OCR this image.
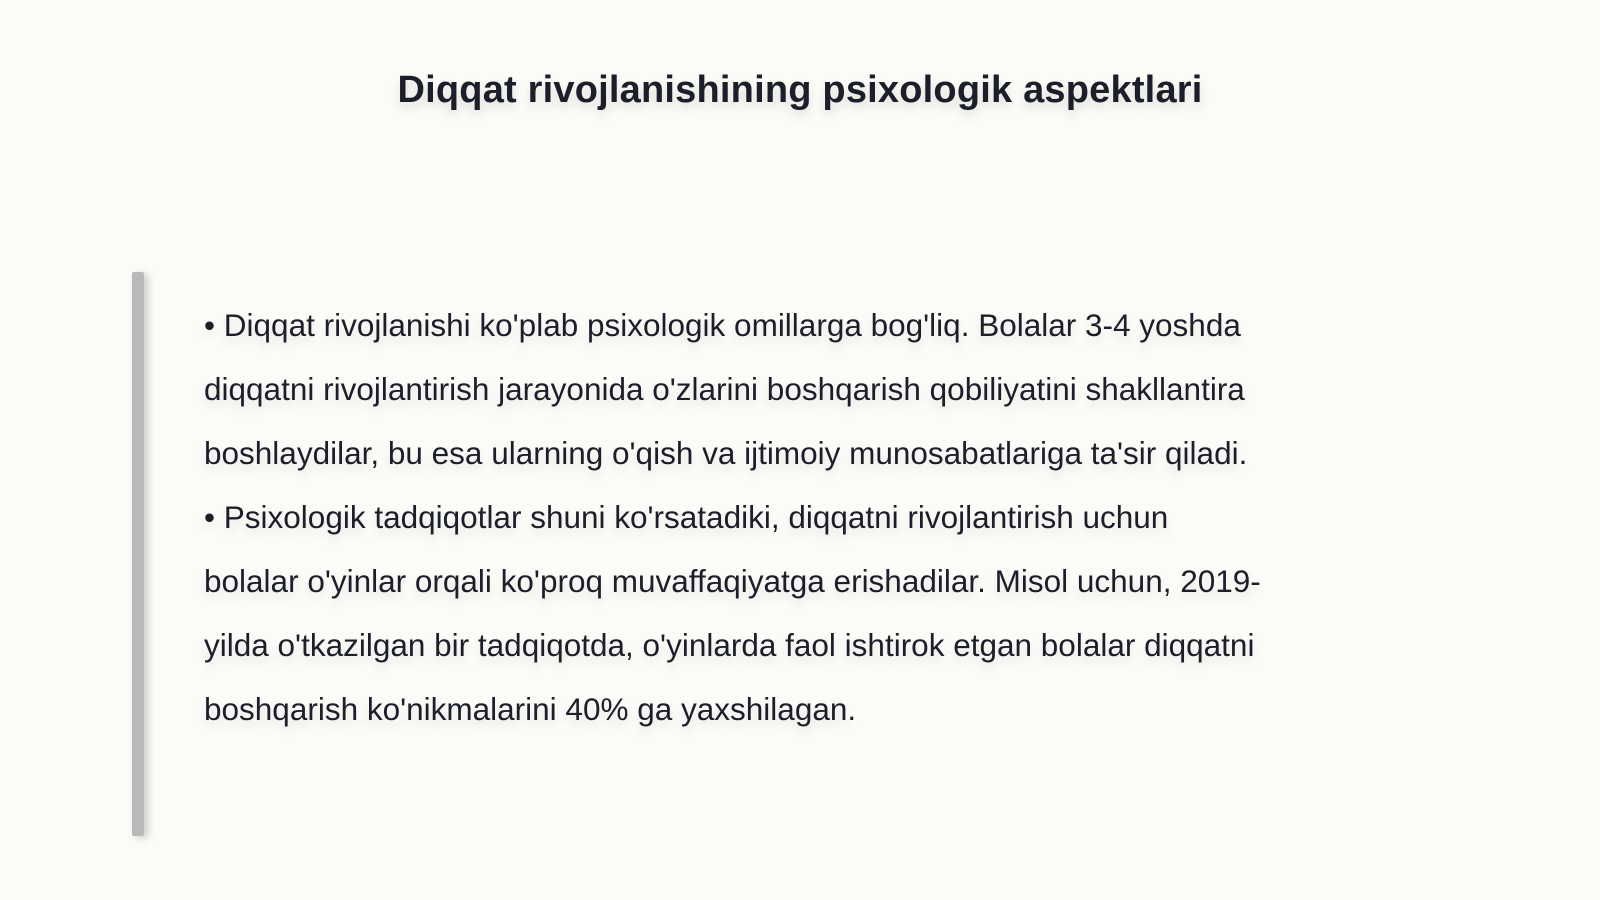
Diqqat rivojlanishining psixologik aspektlari
• Diqqat rivojlanishi ko'plab psixologik omillarga bog'liq. Bolalar 3-4 yoshda
diqqatni rivojlantirish jarayonida o'zlarini boshqarish qobiliyatini shakllantira
boshlaydilar, bu esa ularning o'qish va ijtimoiy munosabatlariga ta'sir qiladi.
• Psixologik tadqiqotlar shuni ko'rsatadiki, diqqatni rivojlantirish uchun
bolalar o'yinlar orqali ko'proq muvaffaqiyatga erishadilar. Misol uchun, 2019-
yilda o'tkazilgan bir tadqiqotda, o'yinlarda faol ishtirok etgan bolalar diqqatni
boshqarish ko'nikmalarini 40% ga yaxshilagan.
